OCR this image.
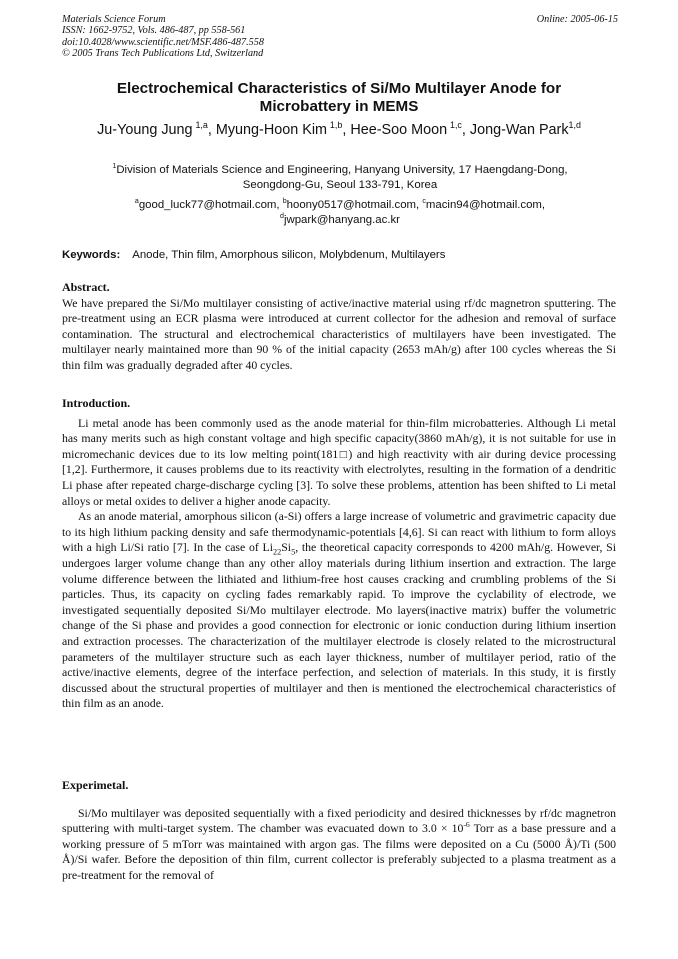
Materials Science Forum
ISSN: 1662-9752, Vols. 486-487, pp 558-561
doi:10.4028/www.scientific.net/MSF.486-487.558
© 2005 Trans Tech Publications Ltd, Switzerland
Online: 2005-06-15
Electrochemical Characteristics of Si/Mo Multilayer Anode for
Microbattery in MEMS
Ju-Young Jung  $^{1,a}$, Myung-Hoon Kim  $^{1,b}$, Hee-Soo Moon  $^{1,c}$, Jong-Wan Park$^{1,d}$
$^1$Division of Materials Science and Engineering, Hanyang University, 17 Haengdang-Dong,
Seongdong-Gu, Seoul 133-791, Korea
$^a$good_luck77@hotmail.com, $^b$hoony0517@hotmail.com, $^c$macin94@hotmail.com,
$^d$jwpark@hanyang.ac.kr
Keywords: Anode, Thin film, Amorphous silicon, Molybdenum, Multilayers
Abstract.
We have prepared the Si/Mo multilayer consisting of active/inactive material using rf/dc magnetron sputtering. The pre-treatment using an ECR plasma were introduced at current collector for the adhesion and removal of surface contamination. The structural and electrochemical characteristics of multilayers have been investigated. The multilayer nearly maintained more than 90 % of the initial capacity (2653 mAh/g) after 100 cycles whereas the Si thin film was gradually degraded after 40 cycles.
Introduction.
Li metal anode has been commonly used as the anode material for thin-film microbatteries. Although Li metal has many merits such as high constant voltage and high specific capacity(3860 mAh/g), it is not suitable for use in micromechanic devices due to its low melting point(181□) and high reactivity with air during device processing [1,2]. Furthermore, it causes problems due to its reactivity with electrolytes, resulting in the formation of a dendritic Li phase after repeated charge-discharge cycling [3]. To solve these problems, attention has been shifted to Li metal alloys or metal oxides to deliver a higher anode capacity.
As an anode material, amorphous silicon (a-Si) offers a large increase of volumetric and gravimetric capacity due to its high lithium packing density and safe thermodynamic-potentials [4,6]. Si can react with lithium to form alloys with a high Li/Si ratio [7]. In the case of $Li_{22}Si_5$, the theoretical capacity corresponds to 4200 mAh/g. However, Si undergoes larger volume change than any other alloy materials during lithium insertion and extraction. The large volume difference between the lithiated and lithium-free host causes cracking and crumbling problems of the Si particles. Thus, its capacity on cycling fades remarkably rapid. To improve the cyclability of electrode, we investigated sequentially deposited Si/Mo multilayer electrode. Mo layers(inactive matrix) buffer the volumetric change of the Si phase and provides a good connection for electronic or ionic conduction during lithium insertion and extraction processes. The characterization of the multilayer electrode is closely related to the microstructural parameters of the multilayer structure such as each layer thickness, number of multilayer period, ratio of the active/inactive elements, degree of the interface perfection, and selection of materials. In this study, it is firstly discussed about the structural properties of multilayer and then is mentioned the electrochemical characteristics of thin film as an anode.
Experimetal.
Si/Mo multilayer was deposited sequentially with a fixed periodicity and desired thicknesses by rf/dc magnetron sputtering with multi-target system. The chamber was evacuated down to $3.0 \times 10^{-6}$ Torr as a base pressure and a working pressure of 5 mTorr was maintained with argon gas. The films were deposited on a Cu (5000 Å)/Ti (500 Å)/Si wafer. Before the deposition of thin film, current collector is preferably subjected to a plasma treatment as a pre-treatment for the removal of
